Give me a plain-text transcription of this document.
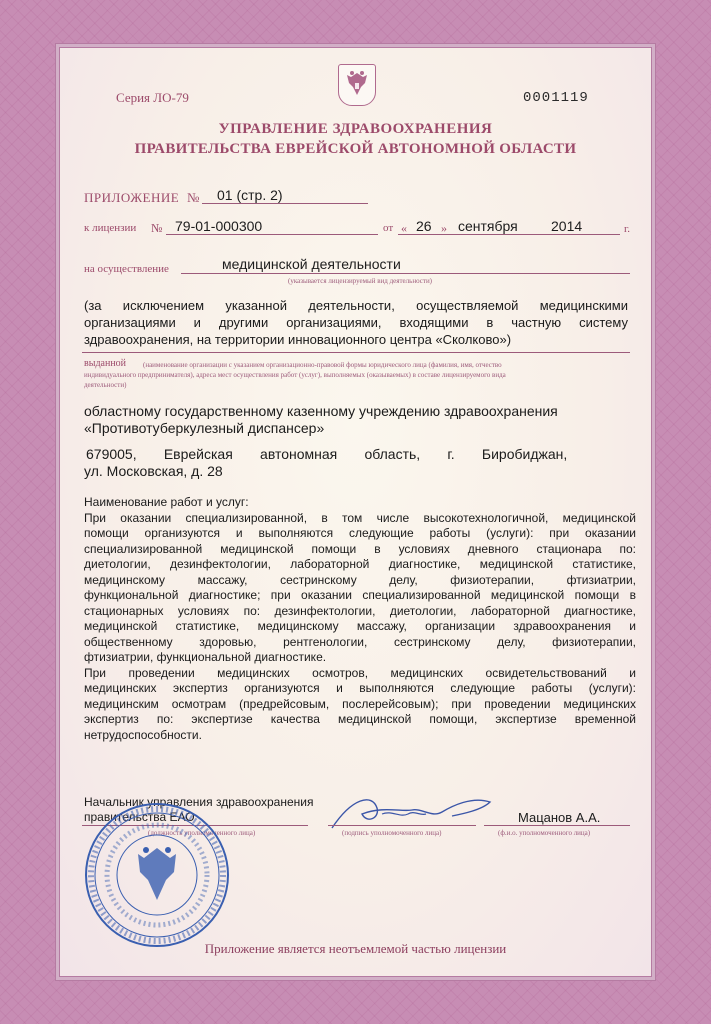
Серия ЛО-79	0001119
УПРАВЛЕНИЕ ЗДРАВООХРАНЕНИЯ
ПРАВИТЕЛЬСТВА ЕВРЕЙСКОЙ АВТОНОМНОЙ ОБЛАСТИ
ПРИЛОЖЕНИЕ № 01 (стр. 2)
к лицензии № 79-01-000300	от « 26 » сентября 2014	г.
на осуществление	медицинской деятельности
(указывается лицензируемый вид деятельности)
(за исключением указанной деятельности, осуществляемой медицинскими
организациями и другими организациями, входящими в частную систему
здравоохранения, на территории инновационного центра «Сколково»)
выданной (наименование организации с указанием организационно-правовой формы юридического лица (фамилия, имя, отчество
индивидуального предпринимателя), адреса мест осуществления работ (услуг), выполняемых (оказываемых) в составе лицензируемого вида
деятельности)
областному государственному казенному учреждению здравоохранения
«Противотуберкулезный диспансер»
679005,       Еврейская       автономная       область,       г.       Биробиджан,
ул. Московская, д. 28
Наименование работ и услуг:
При оказании специализированной, в том числе высокотехнологичной, медицинской
помощи организуются и выполняются следующие работы (услуги): при оказании
специализированной медицинской помощи в условиях дневного стационара по:
диетологии, дезинфектологии, лабораторной диагностике, медицинской статистике,
медицинскому массажу, сестринскому делу, физиотерапии, фтизиатрии,
функциональной диагностике; при оказании специализированной медицинской помощи в
стационарных условиях по: дезинфектологии, диетологии, лабораторной диагностике,
медицинской статистике, медицинскому массажу, организации здравоохранения и
общественному здоровью, рентгенологии, сестринскому делу, физиотерапии,
фтизиатрии, функциональной диагностике.
При проведении медицинских осмотров, медицинских освидетельствований и
медицинских экспертиз организуются и выполняются следующие работы (услуги):
медицинским осмотрам (предрейсовым, послерейсовым); при проведении медицинских
экспертиз по: экспертизе качества медицинской помощи, экспертизе временной
нетрудоспособности.
Начальник управления здравоохранения
правительства ЕАО
(должность уполномоченного лица)	(подпись уполномоченного лица)
Мацанов А.А.
(ф.и.о. уполномоченного лица)
Приложение является неотъемлемой частью лицензии
